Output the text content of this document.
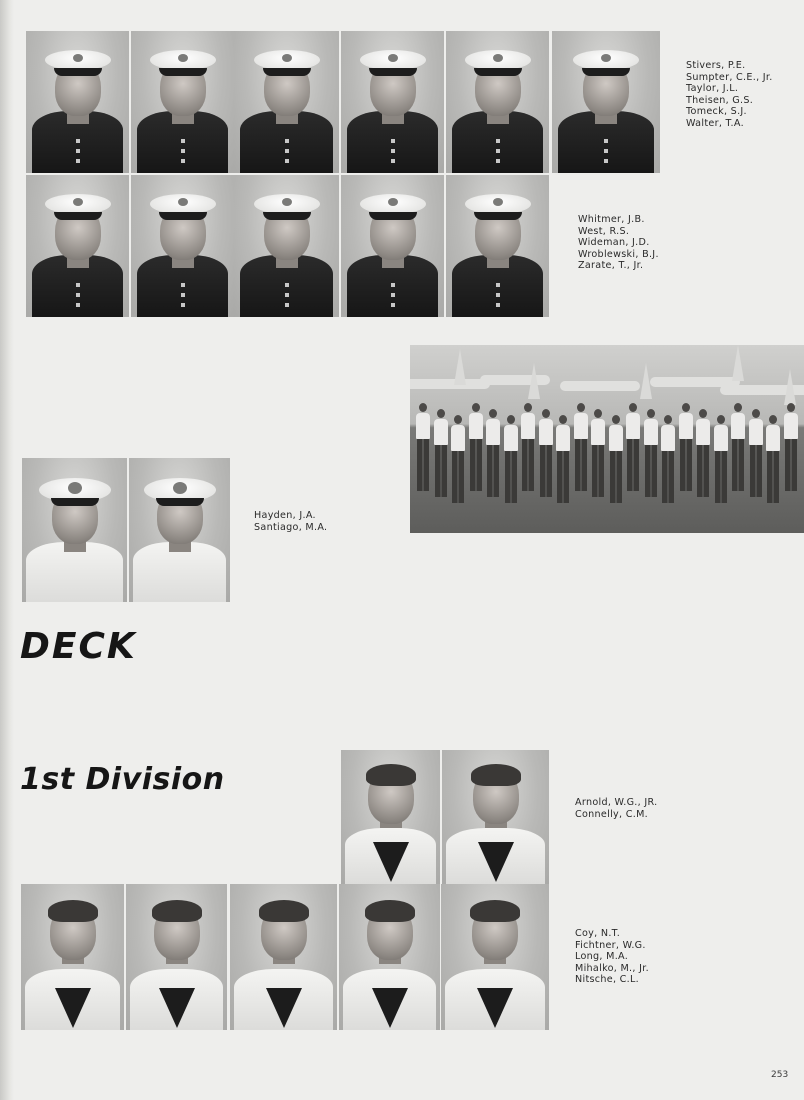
Stivers, P.E.
Sumpter, C.E., Jr.
Taylor, J.L.
Theisen, G.S.
Tomeck, S.J.
Walter, T.A.
Whitmer, J.B.
West, R.S.
Wideman, J.D.
Wroblewski, B.J.
Zarate, T., Jr.
Hayden, J.A.
Santiago, M.A.
DECK
1st Division
Arnold, W.G., JR.
Connelly, C.M.
Coy, N.T.
Fichtner, W.G.
Long, M.A.
Mihalko, M., Jr.
Nitsche, C.L.

253
